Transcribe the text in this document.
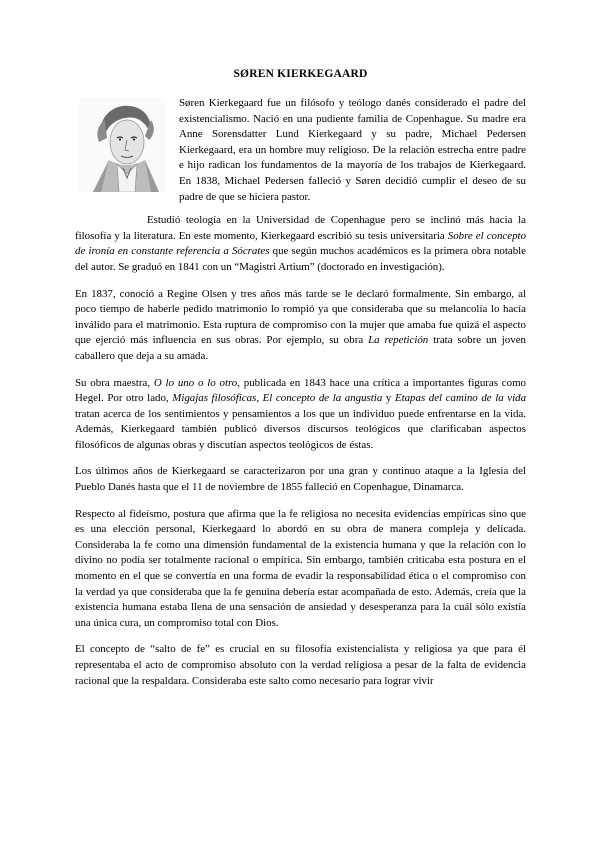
SØREN KIERKEGAARD

Søren Kierkegaard fue un filósofo y teólogo danés considerado el padre del existencialismo. Nació en una pudiente familia de Copenhague. Su madre era Anne Sorensdatter Lund Kierkegaard y su padre, Michael Pedersen Kierkegaard, era un hombre muy religioso. De la relación estrecha entre padre e hijo radican los fundamentos de la mayoría de los trabajos de Kierkegaard. En 1838, Michael Pedersen falleció y Søren decidió cumplir el deseo de su padre de que se hiciera pastor.

Estudió teología en la Universidad de Copenhague pero se inclinó más hacia la filosofía y la literatura. En este momento, Kierkegaard escribió su tesis universitaria Sobre el concepto de ironía en constante referencia a Sócrates que según muchos académicos es la primera obra notable del autor. Se graduó en 1841 con un “Magistri Artium” (doctorado en investigación).

En 1837, conoció a Regine Olsen y tres años más tarde se le declaró formalmente. Sin embargo, al poco tiempo de haberle pedido matrimonio lo rompió ya que consideraba que su melancolía lo hacía inválido para el matrimonio. Esta ruptura de compromiso con la mujer que amaba fue quizá el aspecto que ejerció más influencia en sus obras. Por ejemplo, su obra La repetición trata sobre un joven caballero que deja a su amada.

Su obra maestra, O lo uno o lo otro, publicada en 1843 hace una crítica a importantes figuras como Hegel. Por otro lado, Migajas filosóficas, El concepto de la angustia y Etapas del camino de la vida tratan acerca de los sentimientos y pensamientos a los que un individuo puede enfrentarse en la vida. Además, Kierkegaard también publicó diversos discursos teológicos que clarificaban aspectos filosóficos de algunas obras y discutían aspectos teológicos de éstas.

Los últimos años de Kierkegaard se caracterizaron por una gran y continuo ataque a la Iglesia del Pueblo Danés hasta que el 11 de noviembre de 1855 falleció en Copenhague, Dinamarca.

Respecto al fideísmo, postura que afirma que la fe religiosa no necesita evidencias empíricas sino que es una elección personal, Kierkegaard lo abordó en su obra de manera compleja y delicada. Consideraba la fe como una dimensión fundamental de la existencia humana y que la relación con lo divino no podía ser totalmente racional o empírica. Sin embargo, también criticaba esta postura en el momento en el que se convertía en una forma de evadir la responsabilidad ética o el compromiso con la verdad ya que consideraba que la fe genuina debería estar acompañada de esto. Además, creía que la existencia humana estaba llena de una sensación de ansiedad y desesperanza para la cuál sólo existía una única cura, un compromiso total con Dios.

El concepto de “salto de fe” es crucial en su filosofía existencialista y religiosa ya que para él representaba el acto de compromiso absoluto con la verdad religiosa a pesar de la falta de evidencia racional que la respaldara. Consideraba este salto como necesario para lograr vivir
